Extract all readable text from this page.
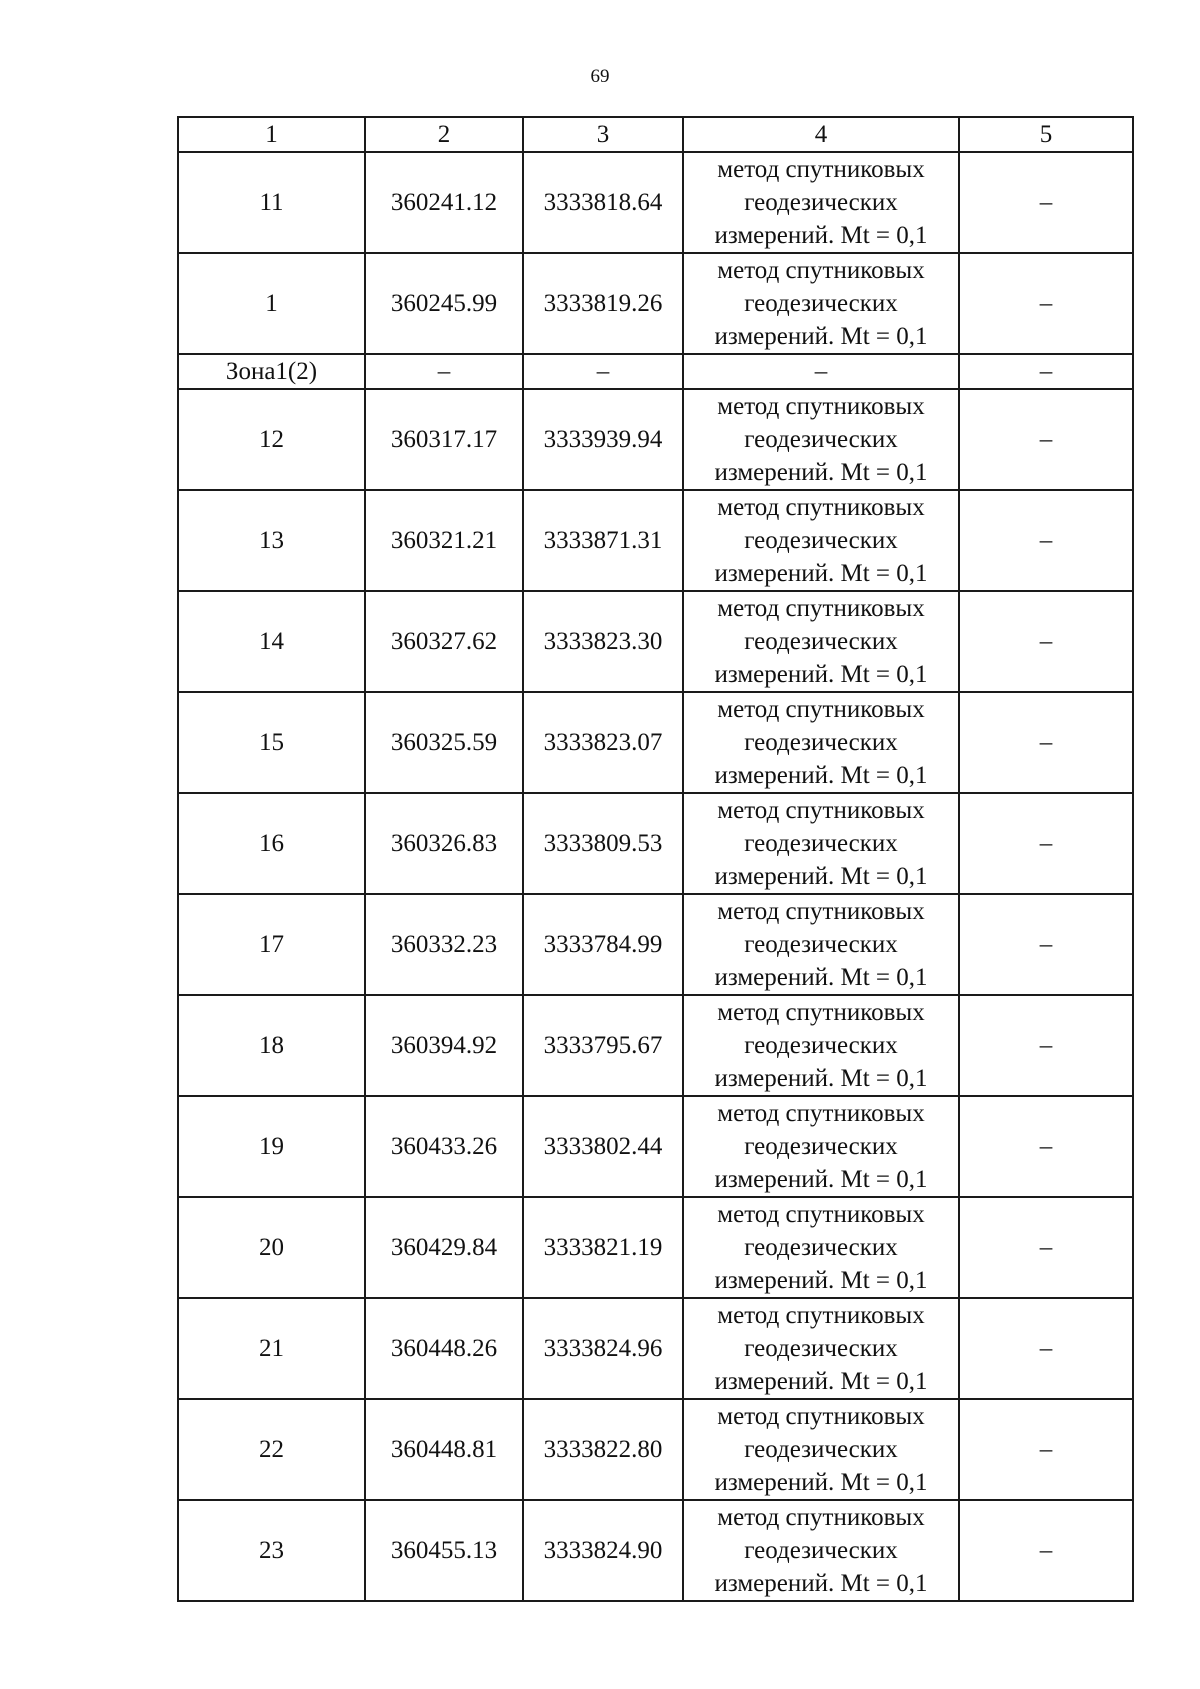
69
1	2	3	4	5
11	360241.12	3333818.64	метод спутниковых геодезических измерений. Mt = 0,1	–
1	360245.99	3333819.26	метод спутниковых геодезических измерений. Mt = 0,1	–
Зона1(2)	–	–	–	–
12	360317.17	3333939.94	метод спутниковых геодезических измерений. Mt = 0,1	–
13	360321.21	3333871.31	метод спутниковых геодезических измерений. Mt = 0,1	–
14	360327.62	3333823.30	метод спутниковых геодезических измерений. Mt = 0,1	–
15	360325.59	3333823.07	метод спутниковых геодезических измерений. Mt = 0,1	–
16	360326.83	3333809.53	метод спутниковых геодезических измерений. Mt = 0,1	–
17	360332.23	3333784.99	метод спутниковых геодезических измерений. Mt = 0,1	–
18	360394.92	3333795.67	метод спутниковых геодезических измерений. Mt = 0,1	–
19	360433.26	3333802.44	метод спутниковых геодезических измерений. Mt = 0,1	–
20	360429.84	3333821.19	метод спутниковых геодезических измерений. Mt = 0,1	–
21	360448.26	3333824.96	метод спутниковых геодезических измерений. Mt = 0,1	–
22	360448.81	3333822.80	метод спутниковых геодезических измерений. Mt = 0,1	–
23	360455.13	3333824.90	метод спутниковых геодезических измерений. Mt = 0,1	–
